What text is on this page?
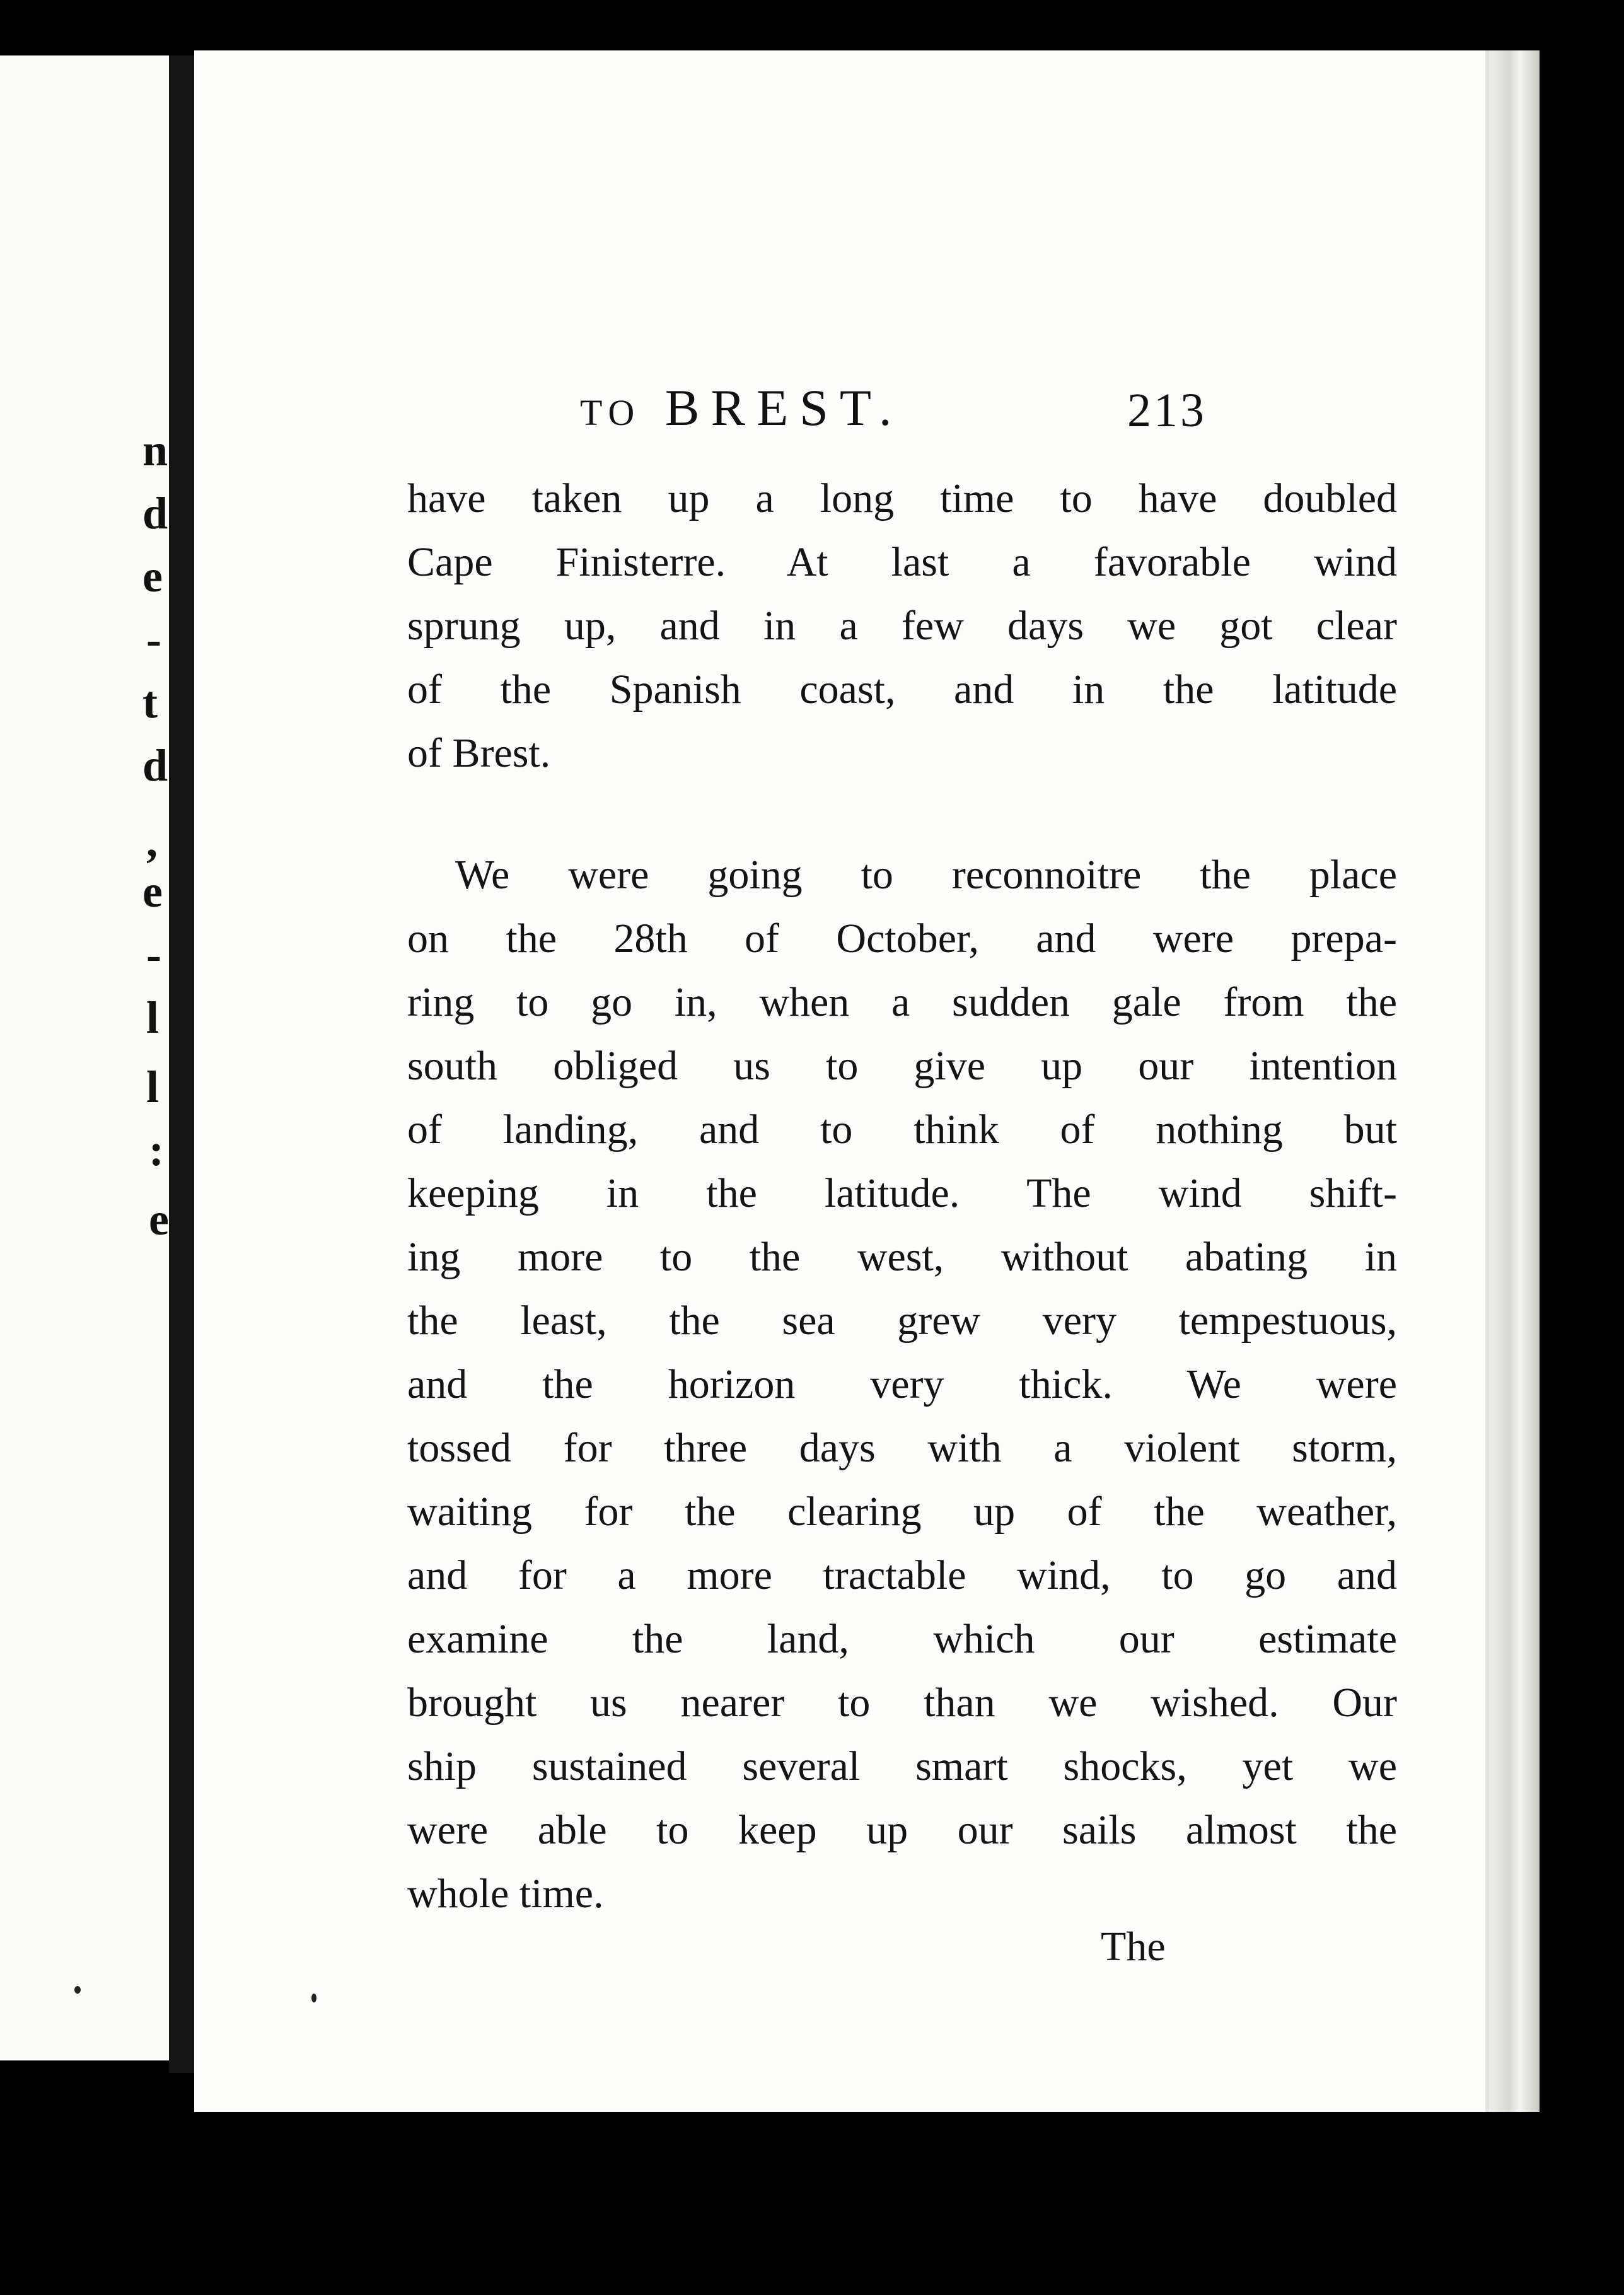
n
d
e
-
t
d
,
e
-
l
l
:
e
TO BREST.	213
have taken up a long time to have doubled
Cape Finisterre. At last a favorable wind
sprung up, and in a few days we got clear
of the Spanish coast, and in the latitude
of Brest.
We were going to reconnoitre the place
on the 28th of October, and were prepa-
ring to go in, when a sudden gale from the
south obliged us to give up our intention
of landing, and to think of nothing but
keeping in the latitude. The wind shift-
ing more to the west, without abating in
the least, the sea grew very tempestuous,
and the horizon very thick. We were
tossed for three days with a violent storm,
waiting for the clearing up of the weather,
and for a more tractable wind, to go and
examine the land, which our estimate
brought us nearer to than we wished. Our
ship sustained several smart shocks, yet we
were able to keep up our sails almost the
whole time.
The
